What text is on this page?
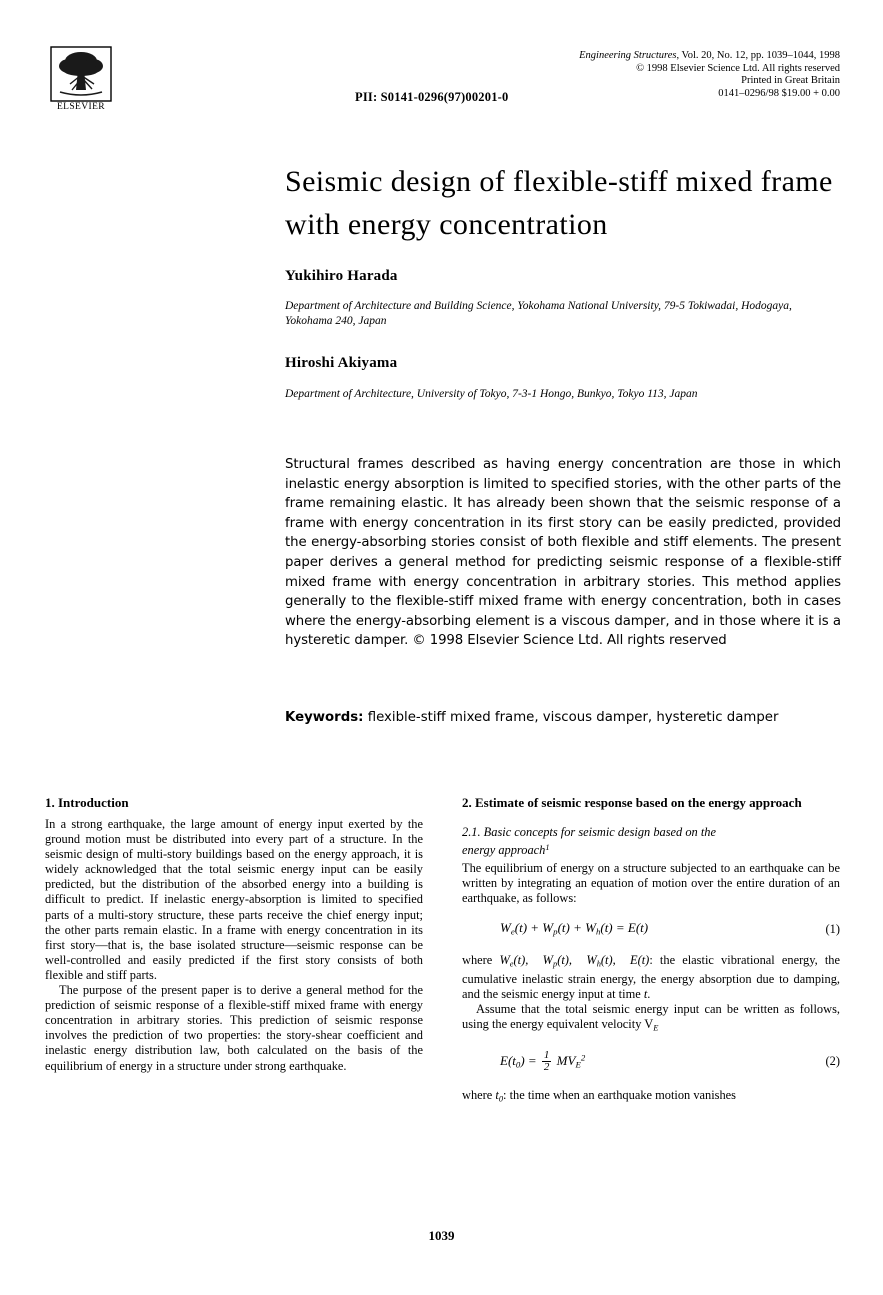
ELSEVIER
PII: S0141-0296(97)00201-0
Engineering Structures, Vol. 20, No. 12, pp. 1039–1044, 1998
© 1998 Elsevier Science Ltd. All rights reserved
Printed in Great Britain
0141–0296/98 $19.00 + 0.00
Seismic design of flexible-stiff mixed frame with energy concentration
Yukihiro Harada
Department of Architecture and Building Science, Yokohama National University, 79-5 Tokiwadai, Hodogaya, Yokohama 240, Japan
Hiroshi Akiyama
Department of Architecture, University of Tokyo, 7-3-1 Hongo, Bunkyo, Tokyo 113, Japan
Structural frames described as having energy concentration are those in which inelastic energy absorption is limited to specified stories, with the other parts of the frame remaining elastic. It has already been shown that the seismic response of a frame with energy concentration in its first story can be easily predicted, provided the energy-absorbing stories consist of both flexible and stiff elements. The present paper derives a general method for predicting seismic response of a flexible-stiff mixed frame with energy concentration in arbitrary stories. This method applies generally to the flexible-stiff mixed frame with energy concentration, both in cases where the energy-absorbing element is a viscous damper, and in those where it is a hysteretic damper. © 1998 Elsevier Science Ltd. All rights reserved
Keywords: flexible-stiff mixed frame, viscous damper, hysteretic damper
1. Introduction

In a strong earthquake, the large amount of energy input exerted by the ground motion must be distributed into every part of a structure. In the seismic design of multi-story buildings based on the energy approach, it is widely acknowledged that the total seismic energy input can be easily predicted, but the distribution of the absorbed energy into a building is difficult to predict. If inelastic energy-absorption is limited to specified parts of a multi-story structure, these parts receive the chief energy input; the other parts remain elastic. In a frame with energy concentration in its first story—that is, the base isolated structure—seismic response can be well-controlled and easily predicted if the first story consists of both flexible and stiff parts.

The purpose of the present paper is to derive a general method for the prediction of seismic response of a flexible-stiff mixed frame with energy concentration in arbitrary stories. This prediction of seismic response involves the prediction of two properties: the story-shear coefficient and inelastic energy distribution law, both calculated on the basis of the equilibrium of energy in a structure under strong earthquake.

2. Estimate of seismic response based on the energy approach
2.1. Basic concepts for seismic design based on the
energy approach$^1$

The equilibrium of energy on a structure subjected to an earthquake can be written by integrating an equation of motion over the entire duration of an earthquake, as follows:

$W_e(t) + W_p(t) + W_h(t) = E(t)$	(1)

where $W_e(t)$,  $W_p(t)$,  $W_h(t)$,  E(t): the elastic vibrational energy, the cumulative inelastic strain energy, the energy absorption due to damping, and the seismic energy input at time t.

Assume that the total seismic energy input can be written as follows, using the energy equivalent velocity $V_E$

$E(t_0) = \frac{1}{2} MV_E^2$	(2)

where $t_0$: the time when an earthquake motion vanishes

1039
